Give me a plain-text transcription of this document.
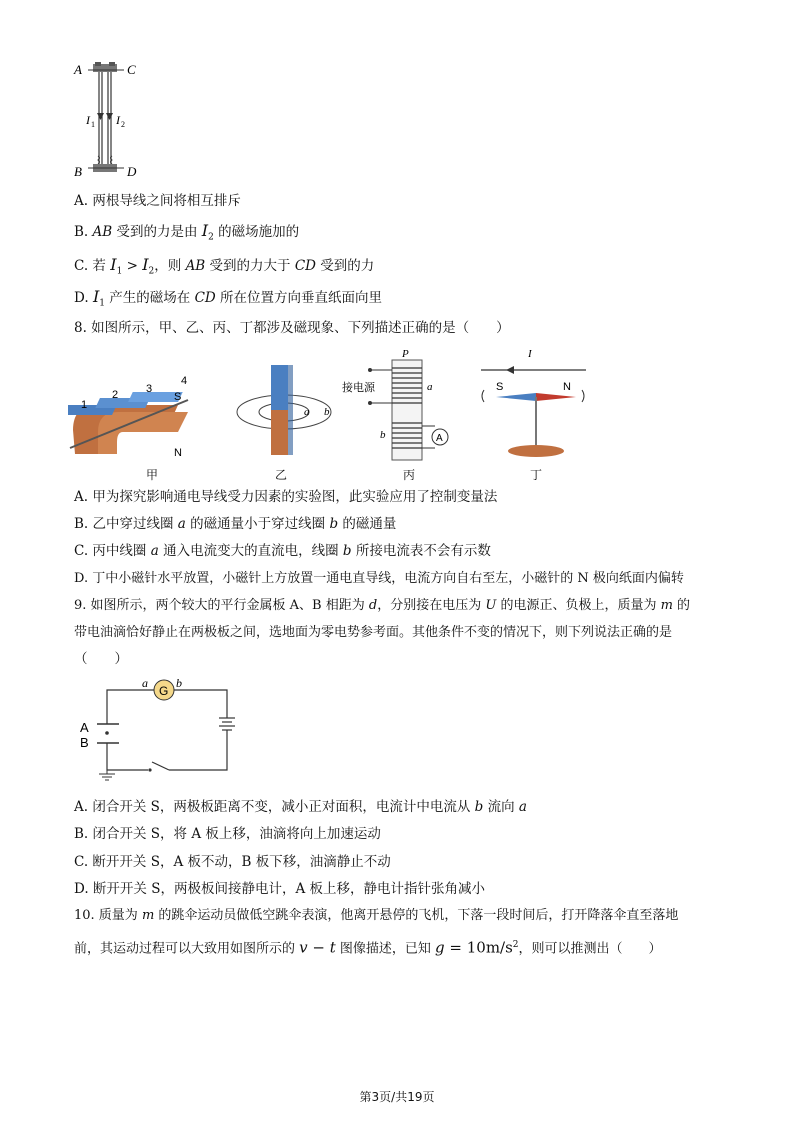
A	C
B	D
I 1 I 2
A. 两根导线之间将相互排斥
B. AB 受到的力是由 $I_2$ 的磁场施加的
C. 若 $I_1 > I_2$，则 AB 受到的力大于 CD 受到的力
D. $I_1$ 产生的磁场在 CD 所在位置方向垂直纸面向里
8. 如图所示，甲、乙、丙、丁都涉及磁现象、下列描述正确的是（　　）
1
2	3
4
S
N
甲
a b
乙
A
P
接电源	a
b
丙
I
S	N
丁
A. 甲为探究影响通电导线受力因素的实验图，此实验应用了控制变量法
B. 乙中穿过线圈 a 的磁通量小于穿过线圈 b 的磁通量
C. 丙中线圈 a 通入电流变大的直流电，线圈 b 所接电流表不会有示数
D. 丁中小磁针水平放置，小磁针上方放置一通电直导线，电流方向自右至左，小磁针的 N 极向纸面内偏转
9. 如图所示，两个较大的平行金属板 A、B 相距为 d，分别接在电压为 U 的电源正、负极上，质量为 m 的
带电油滴恰好静止在两极板之间，选地面为零电势参考面。其他条件不变的情况下，则下列说法正确的是
（　　）
G
a b
A
B
A. 闭合开关 S，两极板距离不变，减小正对面积，电流计中电流从 b 流向 a
B. 闭合开关 S，将 A 板上移，油滴将向上加速运动
C. 断开开关 S，A 板不动，B 板下移，油滴静止不动
D. 断开开关 S，两极板间接静电计，A 板上移，静电计指针张角减小
10. 质量为 m 的跳伞运动员做低空跳伞表演，他离开悬停的飞机，下落一段时间后，打开降落伞直至落地
前，其运动过程可以大致用如图所示的 v − t 图像描述，已知 $g = 10m/s^2$，则可以推测出（　　）
第3页/共19页
